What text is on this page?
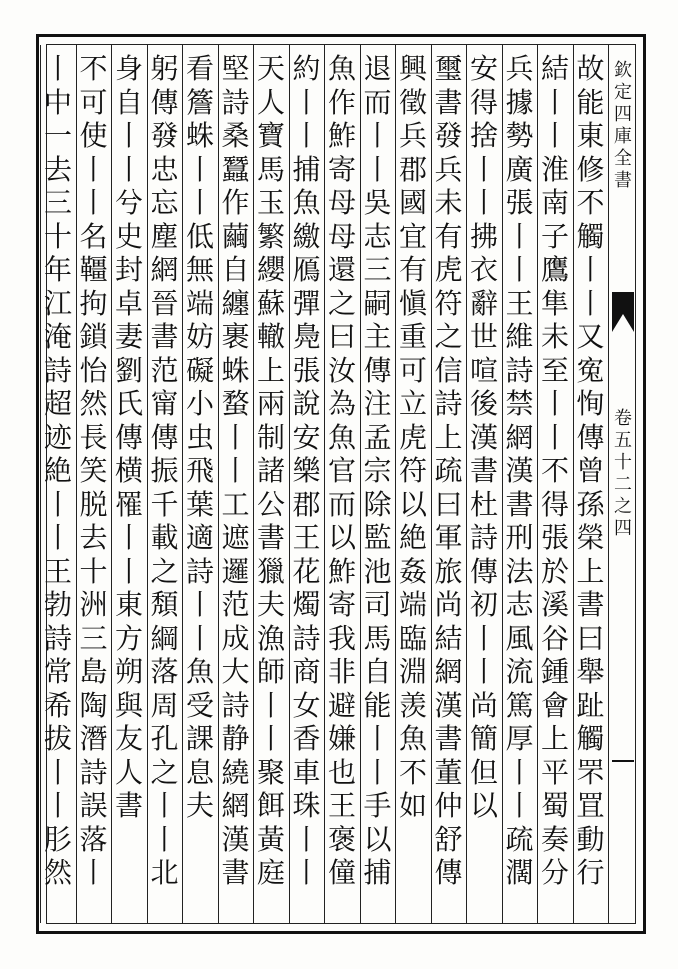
故
能
東
修
不
觸
丨
丨
又
寃
恂
傳
曾
孫
榮
上
書
曰
舉
趾
觸
罘
罝
動
行
結
丨
丨
淮
南
子
鷹
隼
未
至
丨
丨
不
得
張
於
溪
谷
鍾
會
上
平
蜀
奏
分
兵
據
勢
廣
張
丨
丨
王
維
詩
禁
網
漢
書
刑
法
志
風
流
篤
厚
丨
丨
疏
濶
安
得
捨
丨
丨
拂
衣
辭
世
喧
後
漢
書
杜
詩
傳
初
丨
丨
尚
簡
但
以
璽
書
發
兵
未
有
虎
符
之
信
詩
上
疏
曰
軍
旅
尚
結
網
漢
書
董
仲
舒
傳
興
徵
兵
郡
國
宜
有
愼
重
可
立
虎
符
以
絶
姦
端
臨
淵
羡
魚
不
如
退
而
丨
丨
吳
志
三
嗣
主
傳
注
孟
宗
除
監
池
司
馬
自
能
丨
丨
手
以
捕
魚
作
鮓
寄
母
母
還
之
曰
汝
為
魚
官
而
以
鮓
寄
我
非
避
嫌
也
王
褒
僮
約
丨
丨
捕
魚
繳
鴈
彈
鳧
張
說
安
樂
郡
王
花
燭
詩
商
女
香
車
珠
丨
丨
天
人
寶
馬
玉
繁
纓
蘇
轍
上
兩
制
諸
公
書
獵
夫
漁
師
丨
丨
聚
餌
黃
庭
堅
詩
桑
蠶
作
繭
自
纏
裹
蛛
蝥
丨
丨
工
遮
邏
范
成
大
詩
静
繞
網
漢
書
看
簷
蛛
丨
丨
低
無
端
妨
礙
小
虫
飛
葉
適
詩
丨
丨
魚
受
課
息
夫
躬
傳
發
忠
忘
塵
網
晉
書
范
甯
傳
振
千
載
之
頽
綱
落
周
孔
之
丨
丨
北
身
自
丨
丨
兮
史
封
卓
妻
劉
氏
傳
横
罹
丨
丨
東
方
朔
與
友
人
書
不
可
使
丨
丨
名
韁
拘
鎖
怡
然
長
笑
脱
去
十
洲
三
島
陶
潛
詩
誤
落
丨
丨
中
一
去
三
十
年
江
淹
詩
超
迹
絶
丨
丨
王
勃
詩
常
希
拔
丨
丨
肜
然
欽
定
四
庫
全
書
卷
五
十
二
之
四
